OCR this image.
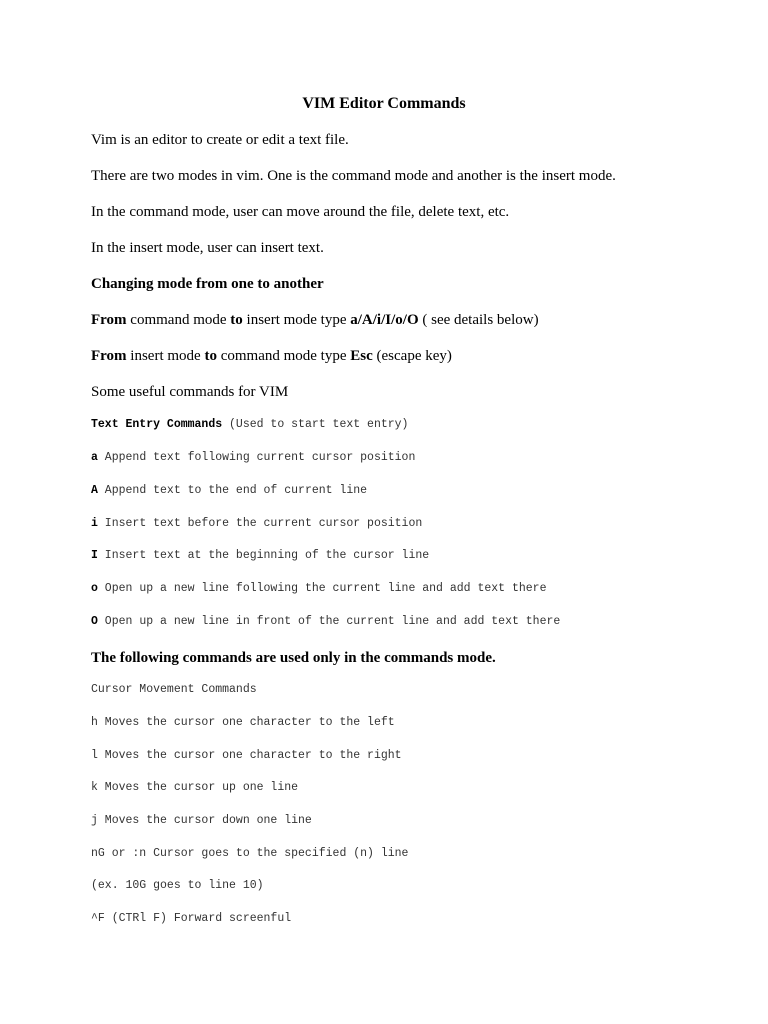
VIM Editor Commands
Vim is an editor to create or edit a text file.
There are two modes in vim. One is the command mode and another is the insert mode.
In the command mode, user can move around the file, delete text, etc.
In the insert mode, user can insert text.
Changing mode from one to another
From command mode to insert mode type a/A/i/I/o/O ( see details below)
From insert mode to command mode type Esc (escape key)
Some useful commands for VIM
Text Entry Commands (Used to start text entry)
a Append text following current cursor position
A Append text to the end of current line
i Insert text before the current cursor position
I Insert text at the beginning of the cursor line
o Open up a new line following the current line and add text there
O Open up a new line in front of the current line and add text there
The following commands are used only in the commands mode.
Cursor Movement Commands
h Moves the cursor one character to the left
l Moves the cursor one character to the right
k Moves the cursor up one line
j Moves the cursor down one line
nG or :n Cursor goes to the specified (n) line
(ex. 10G goes to line 10)
^F (CTRl F) Forward screenful
